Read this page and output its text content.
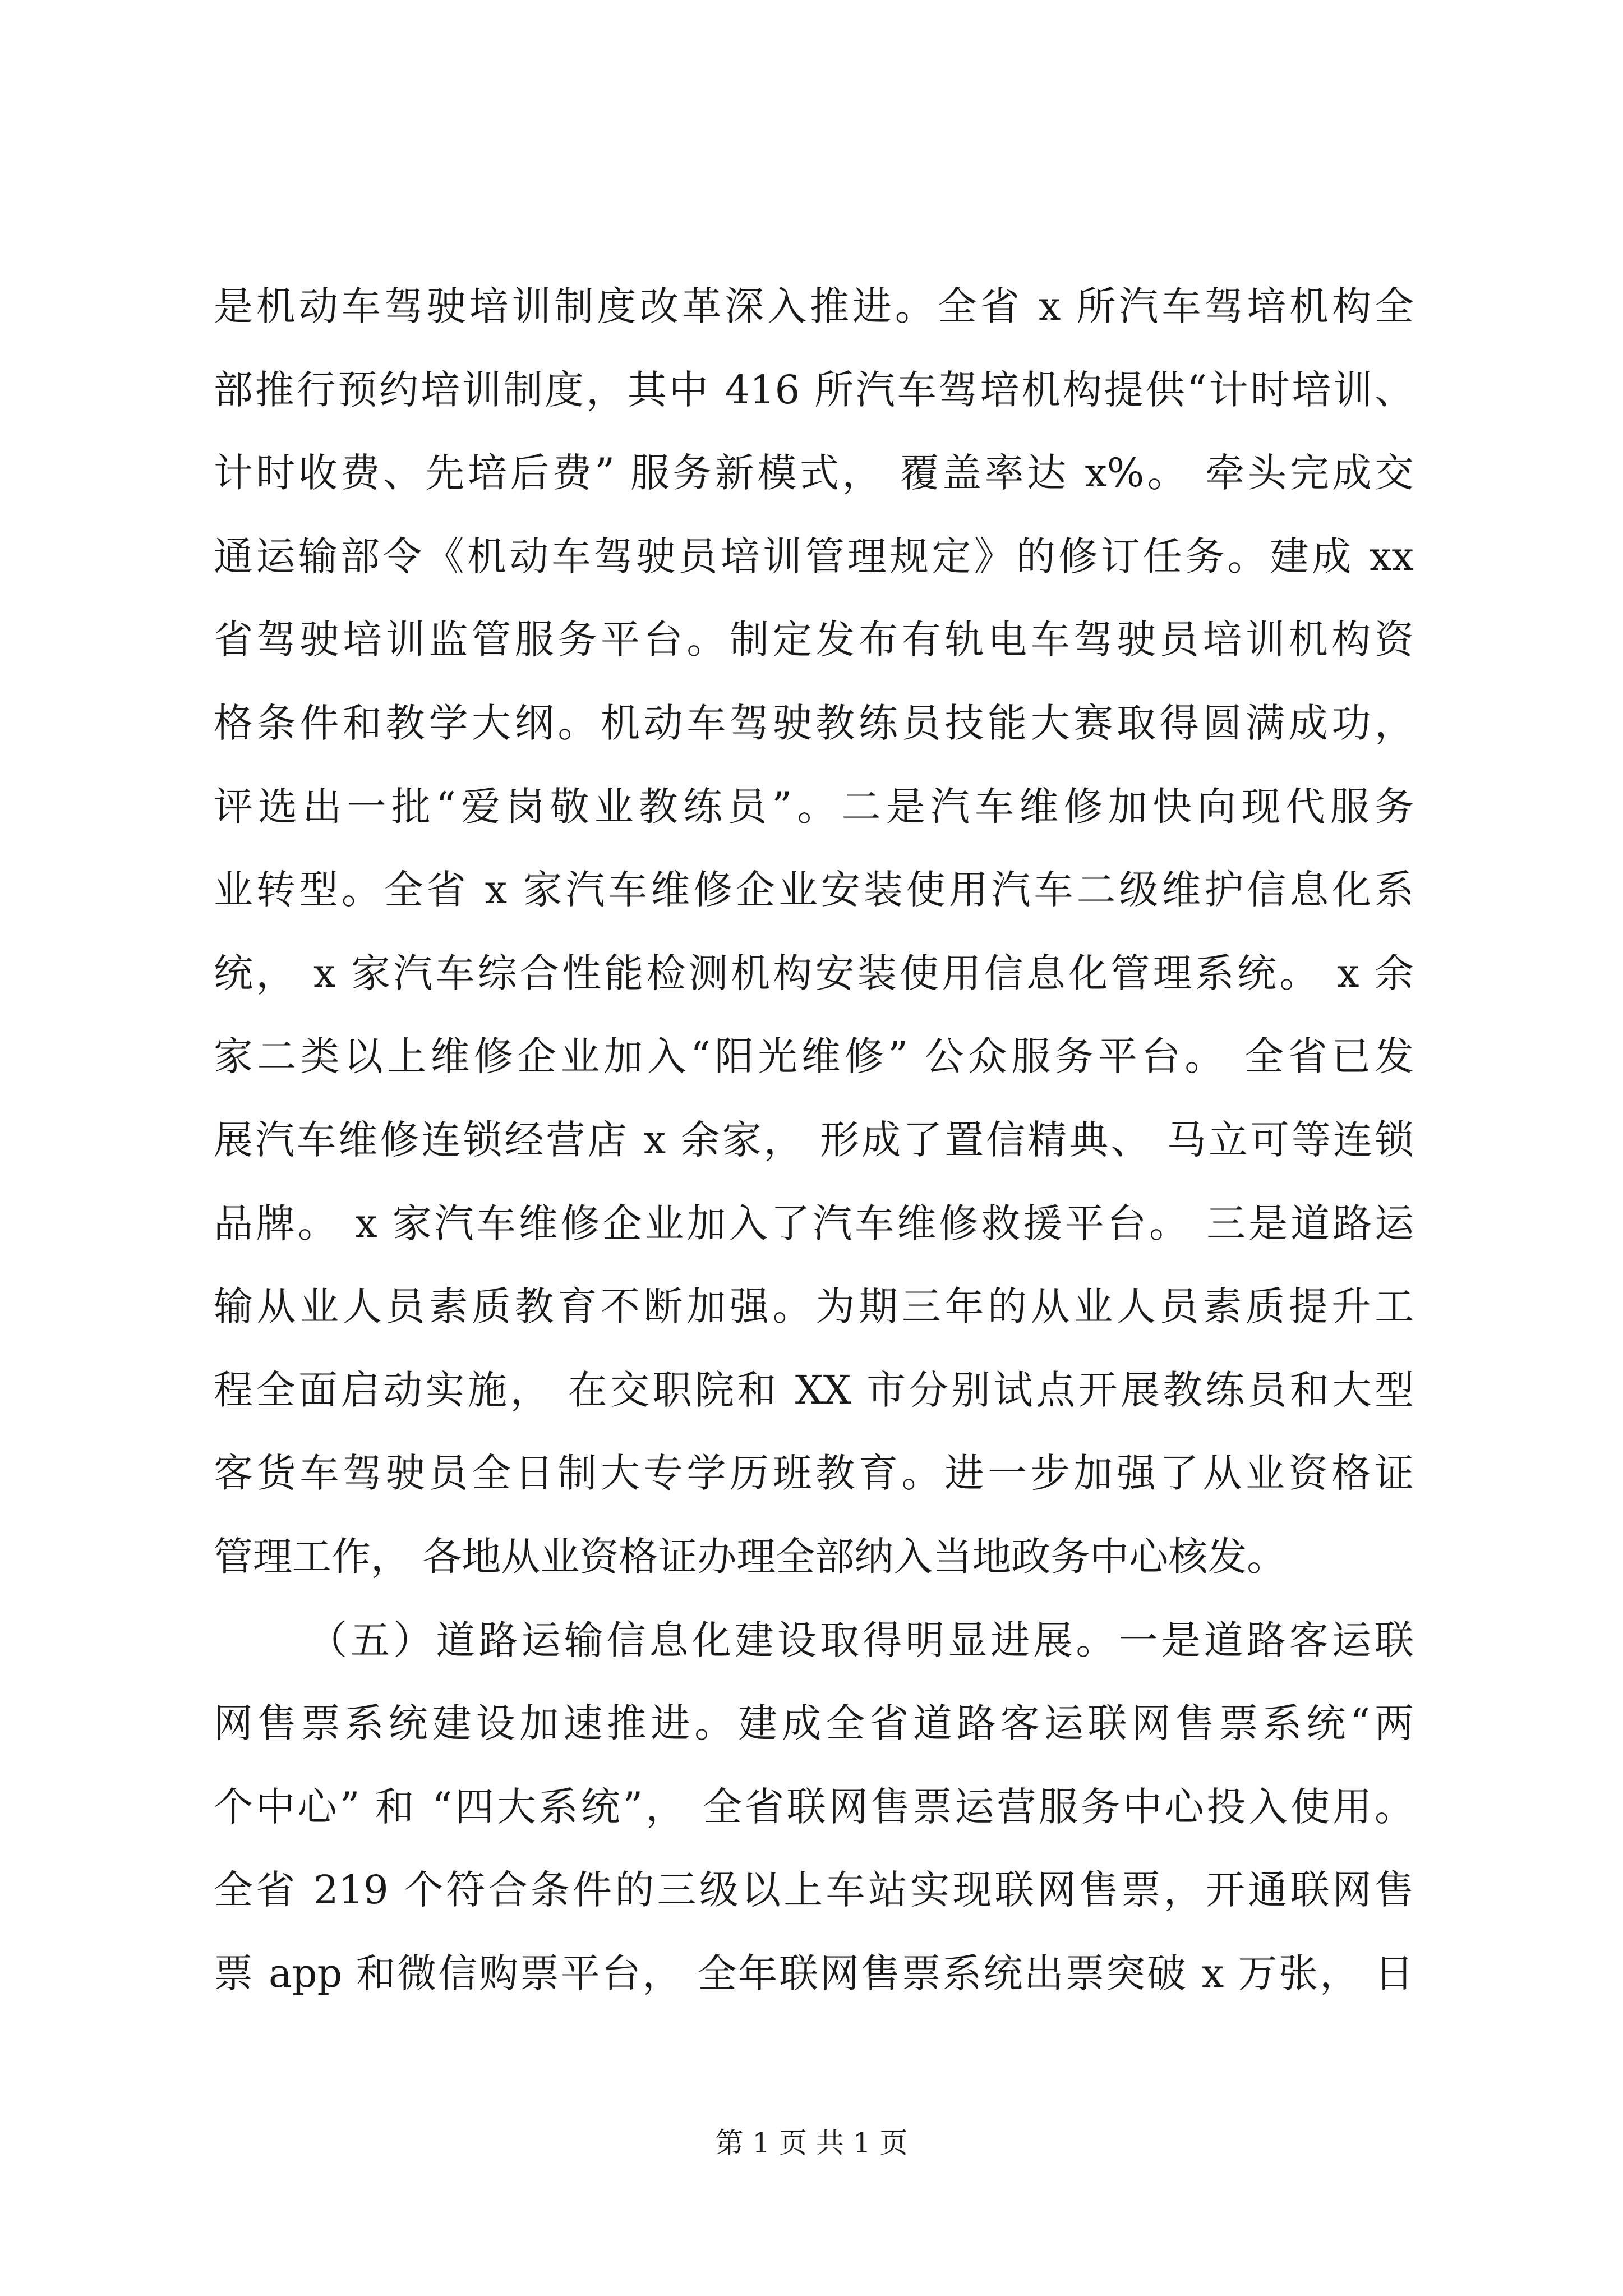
是机动车驾驶培训制度改革深入推进。全省 x 所汽车驾培机构全
部推行预约培训制度，其中 416 所汽车驾培机构提供“计时培训、
计时收费、先培后费” 服务新模式， 覆盖率达 x%。 牵头完成交
通运输部令《机动车驾驶员培训管理规定》的修订任务。建成 xx
省驾驶培训监管服务平台。制定发布有轨电车驾驶员培训机构资
格条件和教学大纲。机动车驾驶教练员技能大赛取得圆满成功，
评选出一批“爱岗敬业教练员”。二是汽车维修加快向现代服务
业转型。全省 x 家汽车维修企业安装使用汽车二级维护信息化系
统， x 家汽车综合性能检测机构安装使用信息化管理系统。 x 余
家二类以上维修企业加入“阳光维修” 公众服务平台。 全省已发
展汽车维修连锁经营店 x 余家， 形成了置信精典、 马立可等连锁
品牌。 x 家汽车维修企业加入了汽车维修救援平台。 三是道路运
输从业人员素质教育不断加强。为期三年的从业人员素质提升工
程全面启动实施， 在交职院和 XX 市分别试点开展教练员和大型
客货车驾驶员全日制大专学历班教育。进一步加强了从业资格证
管理工作， 各地从业资格证办理全部纳入当地政务中心核发。
（五）道路运输信息化建设取得明显进展。一是道路客运联
网售票系统建设加速推进。建成全省道路客运联网售票系统“两
个中心” 和 “四大系统”， 全省联网售票运营服务中心投入使用。
全省 219 个符合条件的三级以上车站实现联网售票，开通联网售
票 app 和微信购票平台， 全年联网售票系统出票突破 x 万张， 日
第 1 页 共 1 页
